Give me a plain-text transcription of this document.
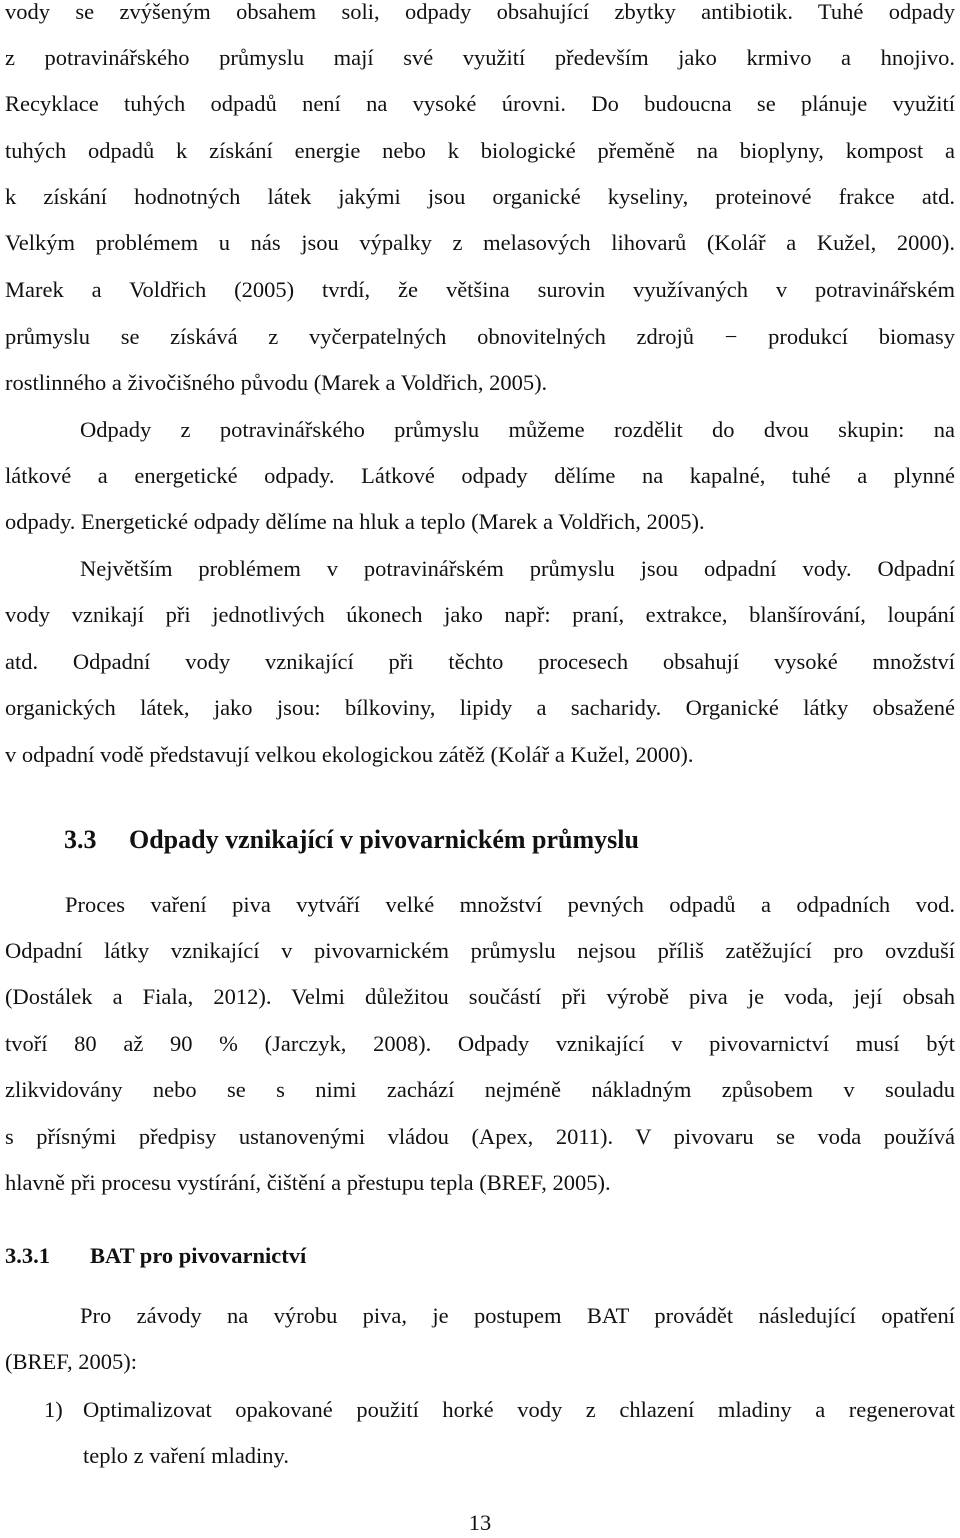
vody se zvýšeným obsahem soli, odpady obsahující zbytky antibiotik. Tuhé odpady
z potravinářského průmyslu mají své využití především jako krmivo a hnojivo.
Recyklace tuhých odpadů není na vysoké úrovni. Do budoucna se plánuje využití
tuhých odpadů k získání energie nebo k biologické přeměně na bioplyny, kompost a
k získání hodnotných látek jakými jsou organické kyseliny, proteinové frakce atd.
Velkým problémem u nás jsou výpalky z melasových lihovarů (Kolář a Kužel, 2000).
Marek a Voldřich (2005) tvrdí, že většina surovin využívaných v potravinářském
průmyslu se získává z vyčerpatelných obnovitelných zdrojů − produkcí biomasy
rostlinného a živočišného původu (Marek a Voldřich, 2005).
Odpady z potravinářského průmyslu můžeme rozdělit do dvou skupin: na
látkové a energetické odpady. Látkové odpady dělíme na kapalné, tuhé a plynné
odpady. Energetické odpady dělíme na hluk a teplo (Marek a Voldřich, 2005).
Největším problémem v potravinářském průmyslu jsou odpadní vody. Odpadní
vody vznikají při jednotlivých úkonech jako např: praní, extrakce, blanšírování, loupání
atd. Odpadní vody vznikající při těchto procesech obsahují vysoké množství
organických látek, jako jsou: bílkoviny, lipidy a sacharidy. Organické látky obsažené
v odpadní vodě představují velkou ekologickou zátěž (Kolář a Kužel, 2000).
3.3 Odpady vznikající v pivovarnickém průmyslu
Proces vaření piva vytváří velké množství pevných odpadů a odpadních vod.
Odpadní látky vznikající v pivovarnickém průmyslu nejsou příliš zatěžující pro ovzduší
(Dostálek a Fiala, 2012). Velmi důležitou součástí při výrobě piva je voda, její obsah
tvoří 80 až 90 % (Jarczyk, 2008). Odpady vznikající v pivovarnictví musí být
zlikvidovány nebo se s nimi zachází nejméně nákladným způsobem v souladu
s přísnými předpisy ustanovenými vládou (Apex, 2011). V pivovaru se voda používá
hlavně při procesu vystírání, čištění a přestupu tepla (BREF, 2005).
3.3.1 BAT pro pivovarnictví
Pro závody na výrobu piva, je postupem BAT provádět následující opatření
(BREF, 2005):
1) Optimalizovat opakované použití horké vody z chlazení mladiny a regenerovat
teplo z vaření mladiny.
13
